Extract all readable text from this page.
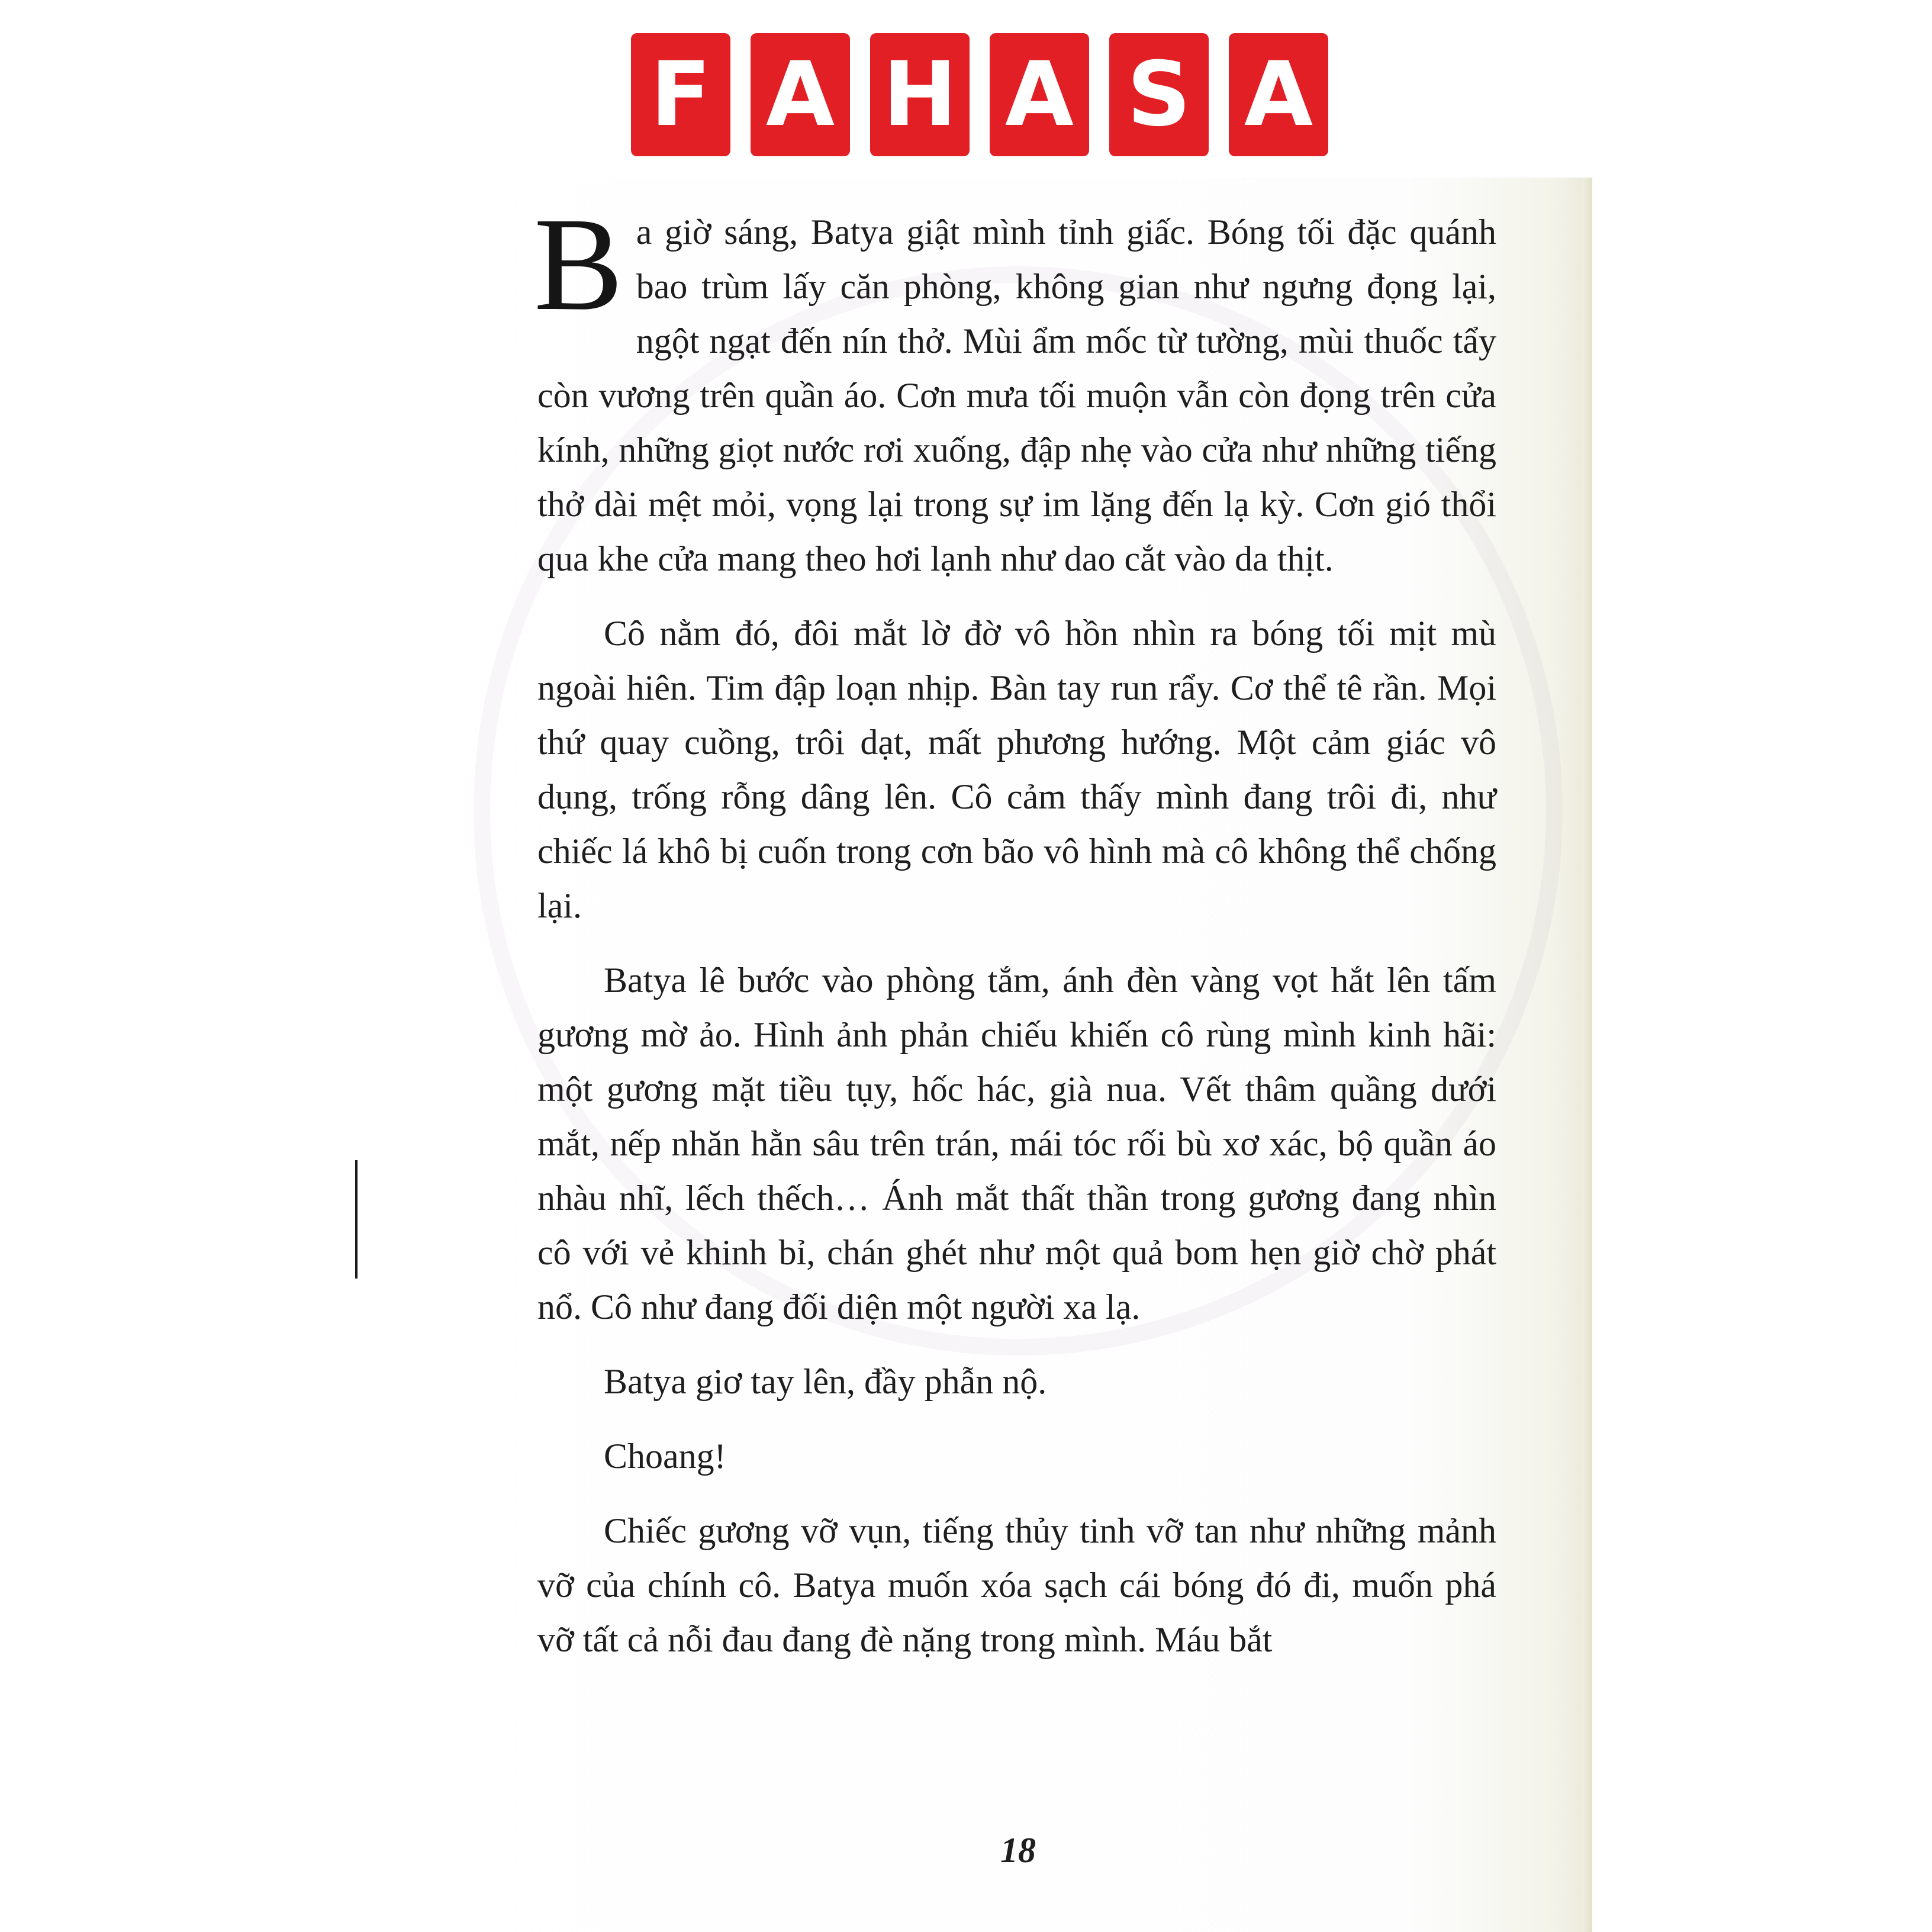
F A H A S A

Ba giờ sáng, Batya giật mình tỉnh giấc. Bóng tối đặc quánh bao trùm lấy căn phòng, không gian như ngưng đọng lại, ngột ngạt đến nín thở. Mùi ẩm mốc từ tường, mùi thuốc tẩy còn vương trên quần áo. Cơn mưa tối muộn vẫn còn đọng trên cửa kính, những giọt nước rơi xuống, đập nhẹ vào cửa như những tiếng thở dài mệt mỏi, vọng lại trong sự im lặng đến lạ kỳ. Cơn gió thổi qua khe cửa mang theo hơi lạnh như dao cắt vào da thịt.

Cô nằm đó, đôi mắt lờ đờ vô hồn nhìn ra bóng tối mịt mù ngoài hiên. Tim đập loạn nhịp. Bàn tay run rẩy. Cơ thể tê rần. Mọi thứ quay cuồng, trôi dạt, mất phương hướng. Một cảm giác vô dụng, trống rỗng dâng lên. Cô cảm thấy mình đang trôi đi, như chiếc lá khô bị cuốn trong cơn bão vô hình mà cô không thể chống lại.

Batya lê bước vào phòng tắm, ánh đèn vàng vọt hắt lên tấm gương mờ ảo. Hình ảnh phản chiếu khiến cô rùng mình kinh hãi: một gương mặt tiều tụy, hốc hác, già nua. Vết thâm quầng dưới mắt, nếp nhăn hằn sâu trên trán, mái tóc rối bù xơ xác, bộ quần áo nhàu nhĩ, lếch thếch… Ánh mắt thất thần trong gương đang nhìn cô với vẻ khinh bỉ, chán ghét như một quả bom hẹn giờ chờ phát nổ. Cô như đang đối diện một người xa lạ.

Batya giơ tay lên, đầy phẫn nộ.

Choang!

Chiếc gương vỡ vụn, tiếng thủy tinh vỡ tan như những mảnh vỡ của chính cô. Batya muốn xóa sạch cái bóng đó đi, muốn phá vỡ tất cả nỗi đau đang đè nặng trong mình. Máu bắt

18
